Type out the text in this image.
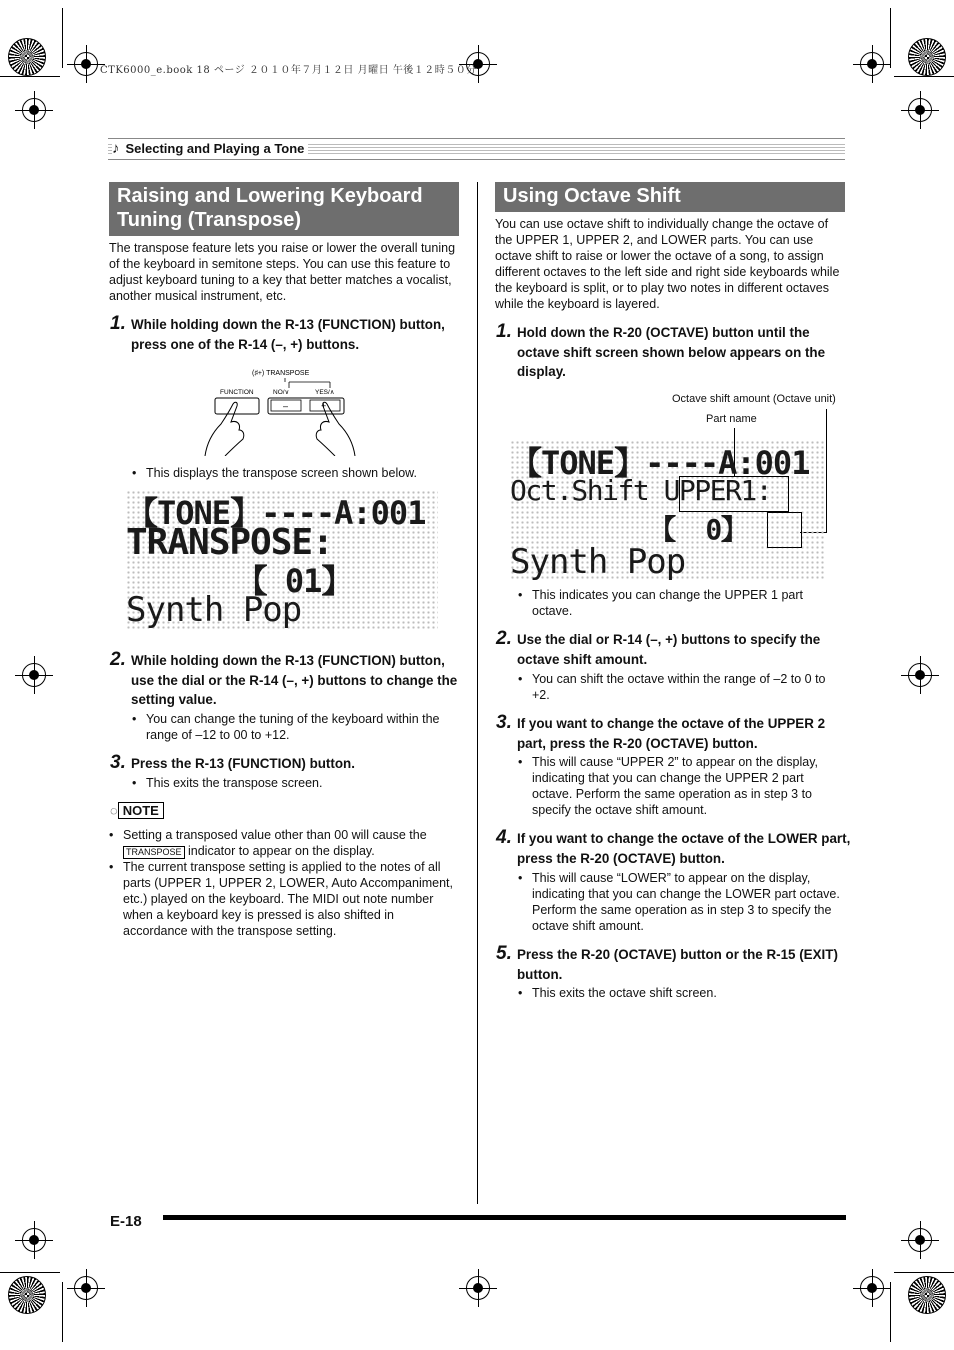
CTK6000_e.book 18 ページ ２０１０年７月１２日 月曜日 午後１２時５０分
♪ Selecting and Playing a Tone
Raising and Lowering Keyboard Tuning (Transpose)
The transpose feature lets you raise or lower the overall tuning of the keyboard in semitone steps. You can use this feature to adjust keyboard tuning to a key that better matches a vocalist, another musical instrument, etc.
1. While holding down the R-13 (FUNCTION) button, press one of the R-14 (–, +) buttons.
(♯+) TRANSPOSE
FUNCTION	NO/∨	YES/∧
–	+
• This displays the transpose screen shown below.

【TONE】----A:001

TRANSPOSE:

【 01】

Synth Pop

2. While holding down the R-13 (FUNCTION) button, use the dial or the R-14 (–, +) buttons to change the setting value.
• You can change the tuning of the keyboard within the range of –12 to 00 to +12.
3. Press the R-13 (FUNCTION) button.
• This exits the transpose screen.
◌ NOTE
• Setting a transposed value other than 00 will cause the TRANSPOSE indicator to appear on the display.
• The current transpose setting is applied to the notes of all parts (UPPER 1, UPPER 2, LOWER, Auto Accompaniment, etc.) played on the keyboard. The MIDI out note number when a keyboard key is pressed is also shifted in accordance with the transpose setting.
Using Octave Shift
You can use octave shift to individually change the octave of the UPPER 1, UPPER 2, and LOWER parts. You can use octave shift to raise or lower the octave of a song, to assign different octaves to the left side and right side keyboards while the keyboard is split, or to play two notes in different octaves while the keyboard is layered.
1. Hold down the R-20 (OCTAVE) button until the octave shift screen shown below appears on the display.
Octave shift amount (Octave unit)
Part name

【TONE】----A:001

Oct.Shift UPPER1:

【  0】

Synth Pop

• This indicates you can change the UPPER 1 part octave.
2. Use the dial or R-14 (–, +) buttons to specify the octave shift amount.
• You can shift the octave within the range of –2 to 0 to +2.
3. If you want to change the octave of the UPPER 2 part, press the R-20 (OCTAVE) button.
• This will cause “UPPER 2” to appear on the display, indicating that you can change the UPPER 2 part octave. Perform the same operation as in step 3 to specify the octave shift amount.
4. If you want to change the octave of the LOWER part, press the R-20 (OCTAVE) button.
• This will cause “LOWER” to appear on the display, indicating that you can change the LOWER part octave. Perform the same operation as in step 3 to specify the octave shift amount.
5. Press the R-20 (OCTAVE) button or the R-15 (EXIT) button.
• This exits the octave shift screen.
E-18
